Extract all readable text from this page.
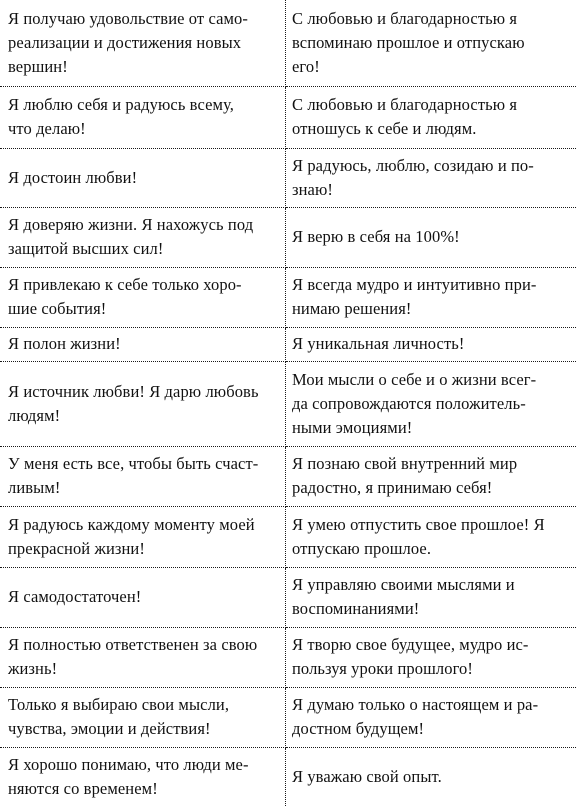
Я получаю удовольствие от само-
реализации и достижения новых
вершин!	С любовью и благодарностью я
вспоминаю прошлое и отпускаю
его!

Я люблю себя и радуюсь всему,
что делаю!	С любовью и благодарностью я
отношусь к себе и людям.

Я достоин любви!	Я радуюсь, люблю, созидаю и по-
знаю!

Я доверяю жизни. Я нахожусь под
защитой высших сил!	Я верю в себя на 100%!

Я привлекаю к себе только хоро-
шие события!	Я всегда мудро и интуитивно при-
нимаю решения!

Я полон жизни!	Я уникальная личность!

Я источник любви! Я дарю любовь
людям!	Мои мысли о себе и о жизни всег-
да сопровождаются положитель-
ными эмоциями!

У меня есть все, чтобы быть счаст-
ливым!	Я познаю свой внутренний мир
радостно, я принимаю себя!

Я радуюсь каждому моменту моей
прекрасной жизни!	Я умею отпустить свое прошлое! Я
отпускаю прошлое.

Я самодостаточен!	Я управляю своими мыслями и
воспоминаниями!

Я полностью ответственен за свою
жизнь!	Я творю свое будущее, мудро ис-
пользуя уроки прошлого!

Только я выбираю свои мысли,
чувства, эмоции и действия!	Я думаю только о настоящем и ра-
достном будущем!

Я хорошо понимаю, что люди ме-
няются со временем!	Я уважаю свой опыт.
